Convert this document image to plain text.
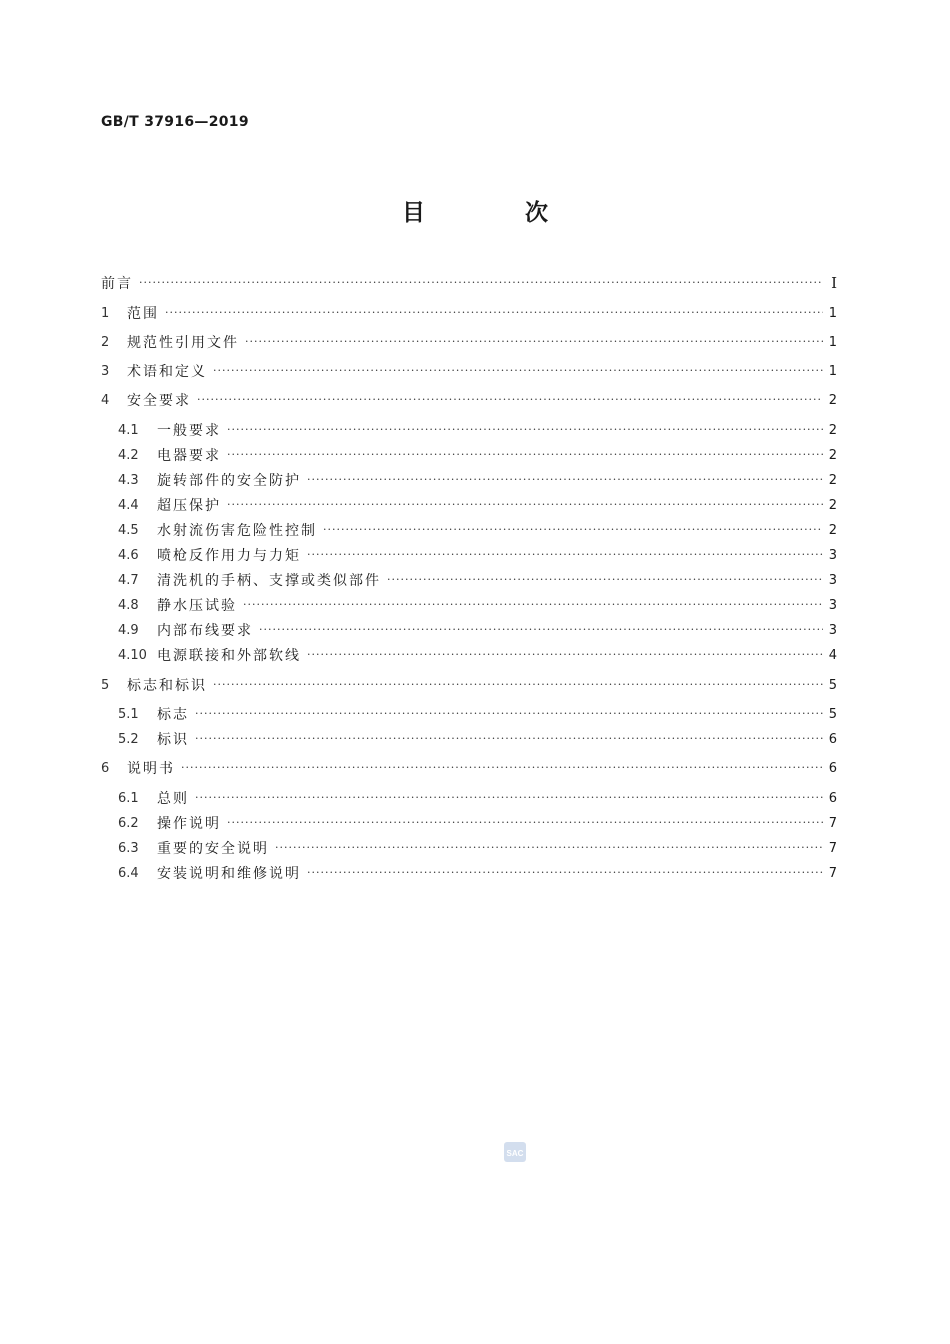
GB/T 37916—2019
目 次
前言 ·····	I
1	范围 ·····	1
2	规范性引用文件 ·····	1
3	术语和定义 ·····	1
4	安全要求 ·····	2
4.1	一般要求 ·····	2
4.2	电器要求 ·····	2
4.3	旋转部件的安全防护 ·····	2
4.4	超压保护 ·····	2
4.5	水射流伤害危险性控制 ·····	2
4.6	喷枪反作用力与力矩 ·····	3
4.7	清洗机的手柄、支撑或类似部件 ·····	3
4.8	静水压试验 ·····	3
4.9	内部布线要求 ·····	3
4.10 电源联接和外部软线 ·····	4
5	标志和标识 ·····	5
5.1	标志 ·····	5
5.2	标识 ·····	6
6	说明书 ·····	6
6.1	总则 ·····	6
6.2	操作说明 ·····	7
6.3	重要的安全说明 ·····	7
6.4	安装说明和维修说明 ·····	7
SAC
